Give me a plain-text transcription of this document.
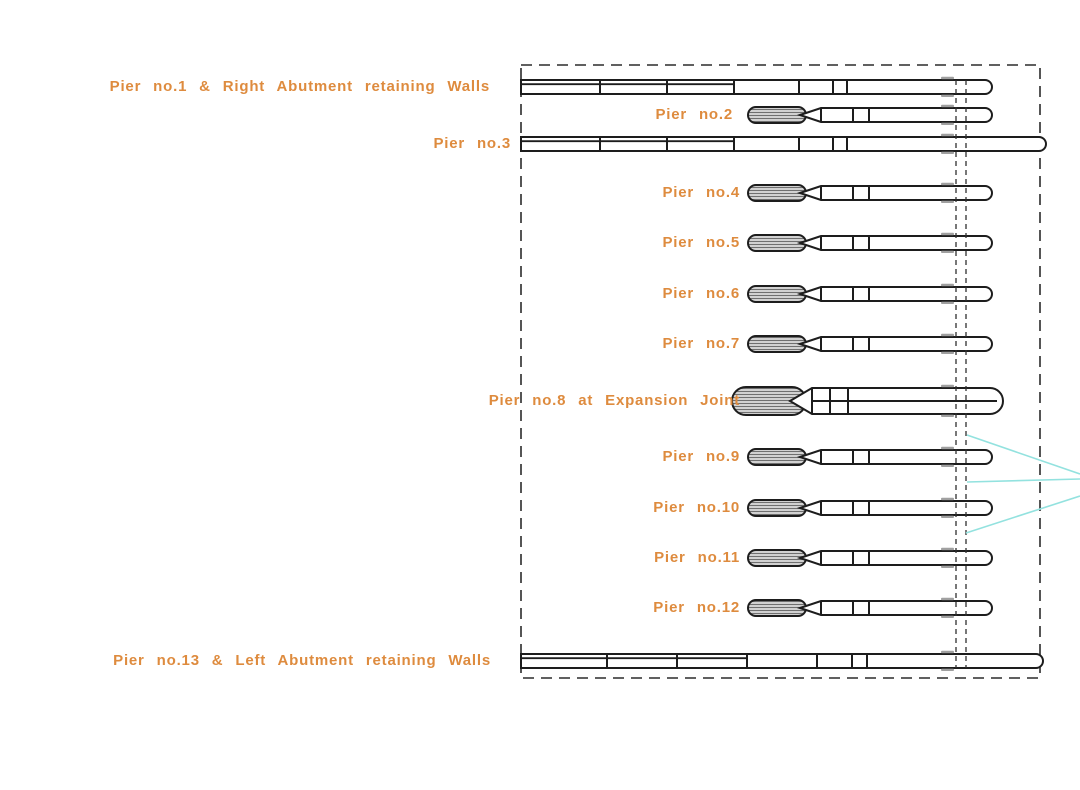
Pier no.1 & Right Abutment retaining Walls
Pier no.2
Pier no.3
Pier no.4
Pier no.5
Pier no.6
Pier no.7
Pier no.8 at Expansion Joint
Pier no.9
Pier no.10
Pier no.11
Pier no.12
Pier no.13 & Left Abutment retaining Walls
